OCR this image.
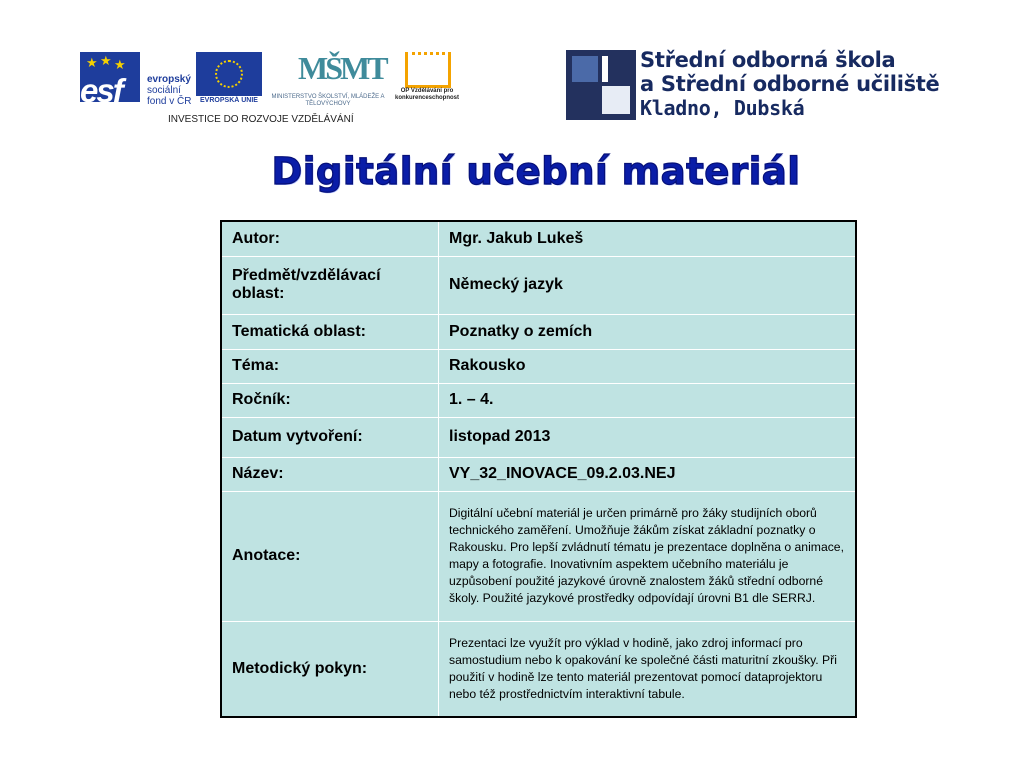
★ ★ ★
esf	evropský
sociální
fond v ČR	EVROPSKÁ UNIE
MŠMT
MINISTERSTVO ŠKOLSTVÍ, MLÁDEŽE A TĚLOVÝCHOVY
OP Vzdělávání pro konkurenceschopnost
INVESTICE DO ROZVOJE VZDĚLÁVÁNÍ
Střední odborná škola
a Střední odborné učiliště
Kladno, Dubská
Digitální učební materiál
Autor:	Mgr. Jakub Lukeš
Předmět/vzdělávací oblast:	Německý jazyk
Tematická oblast:	Poznatky o zemích
Téma:	Rakousko
Ročník:	1. – 4.
Datum vytvoření:	listopad 2013
Název:	VY_32_INOVACE_09.2.03.NEJ
Anotace:	Digitální učební materiál je určen primárně pro žáky studijních oborů technického zaměření. Umožňuje žákům získat základní poznatky o Rakousku. Pro lepší zvládnutí tématu je prezentace doplněna o animace, mapy a fotografie. Inovativním aspektem učebního materiálu je uzpůsobení použité jazykové úrovně znalostem žáků střední odborné školy. Použité jazykové prostředky odpovídají úrovni B1 dle SERRJ.
Metodický pokyn:	Prezentaci lze využít pro výklad v hodině, jako zdroj informací pro samostudium nebo k opakování ke společné části maturitní zkoušky. Při použití v hodině lze tento materiál prezentovat pomocí dataprojektoru nebo též prostřednictvím interaktivní tabule.
